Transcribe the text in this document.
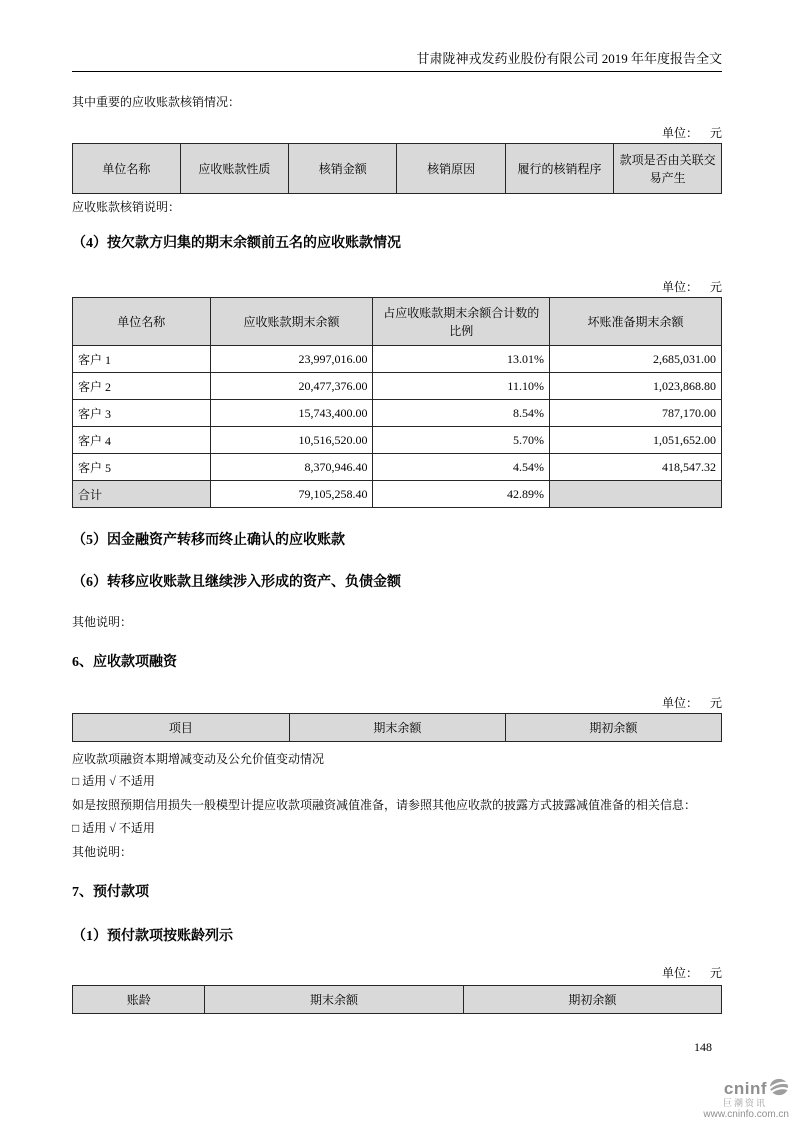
甘肃陇神戎发药业股份有限公司 2019 年年度报告全文
其中重要的应收账款核销情况：
单位： 元
单位名称	应收账款性质	核销金额	核销原因	履行的核销程序	款项是否由关联交易产生
应收账款核销说明：
（4）按欠款方归集的期末余额前五名的应收账款情况
单位： 元
单位名称	应收账款期末余额	占应收账款期末余额合计数的比例	坏账准备期末余额
客户 1	23,997,016.00	13.01%	2,685,031.00
客户 2	20,477,376.00	11.10%	1,023,868.80
客户 3	15,743,400.00	8.54%	787,170.00
客户 4	10,516,520.00	5.70%	1,051,652.00
客户 5	8,370,946.40	4.54%	418,547.32
合计	79,105,258.40	42.89%	
（5）因金融资产转移而终止确认的应收账款
（6）转移应收账款且继续涉入形成的资产、负债金额
其他说明：
6、应收款项融资
单位： 元
项目	期末余额	期初余额
应收款项融资本期增减变动及公允价值变动情况
□ 适用 √ 不适用
如是按照预期信用损失一般模型计提应收款项融资减值准备，请参照其他应收款的披露方式披露减值准备的相关信息：
□ 适用 √ 不适用
其他说明：
7、预付款项
（1）预付款项按账龄列示
单位： 元
账龄	期末余额	期初余额
148
cninf
巨潮资讯
www.cninfo.com.cn
